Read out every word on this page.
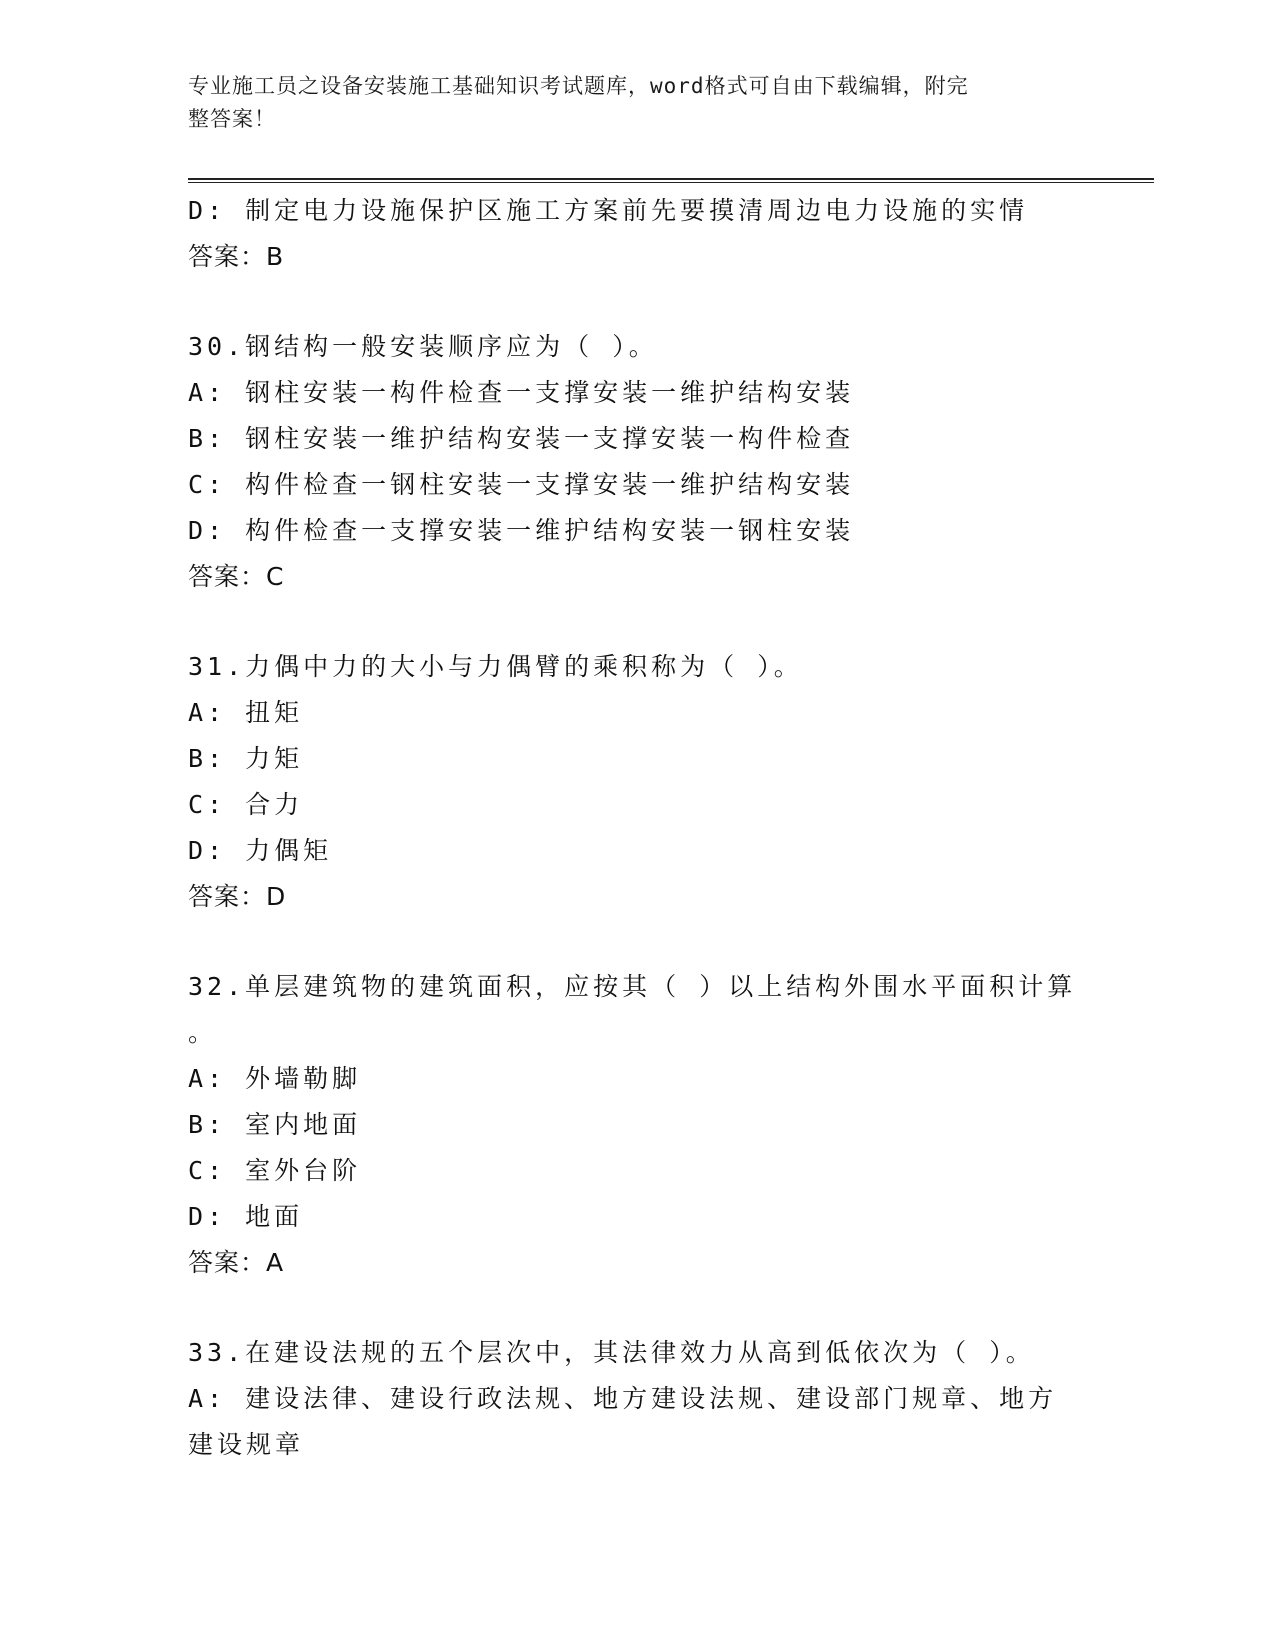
专业施工员之设备安装施工基础知识考试题库，word格式可自由下载编辑，附完
整答案！
D: 制定电力设施保护区施工方案前先要摸清周边电力设施的实情
答案：B
30.钢结构一般安装顺序应为（ ）。
A: 钢柱安装一构件检查一支撑安装一维护结构安装
B: 钢柱安装一维护结构安装一支撑安装一构件检查
C: 构件检查一钢柱安装一支撑安装一维护结构安装
D: 构件检查一支撑安装一维护结构安装一钢柱安装
答案：C
31.力偶中力的大小与力偶臂的乘积称为（ ）。
A: 扭矩
B: 力矩
C: 合力
D: 力偶矩
答案：D
32.单层建筑物的建筑面积，应按其（ ）以上结构外围水平面积计算
。
A: 外墙勒脚
B: 室内地面
C: 室外台阶
D: 地面
答案：A
33.在建设法规的五个层次中，其法律效力从高到低依次为（ ）。
A: 建设法律、建设行政法规、地方建设法规、建设部门规章、地方建设规章
